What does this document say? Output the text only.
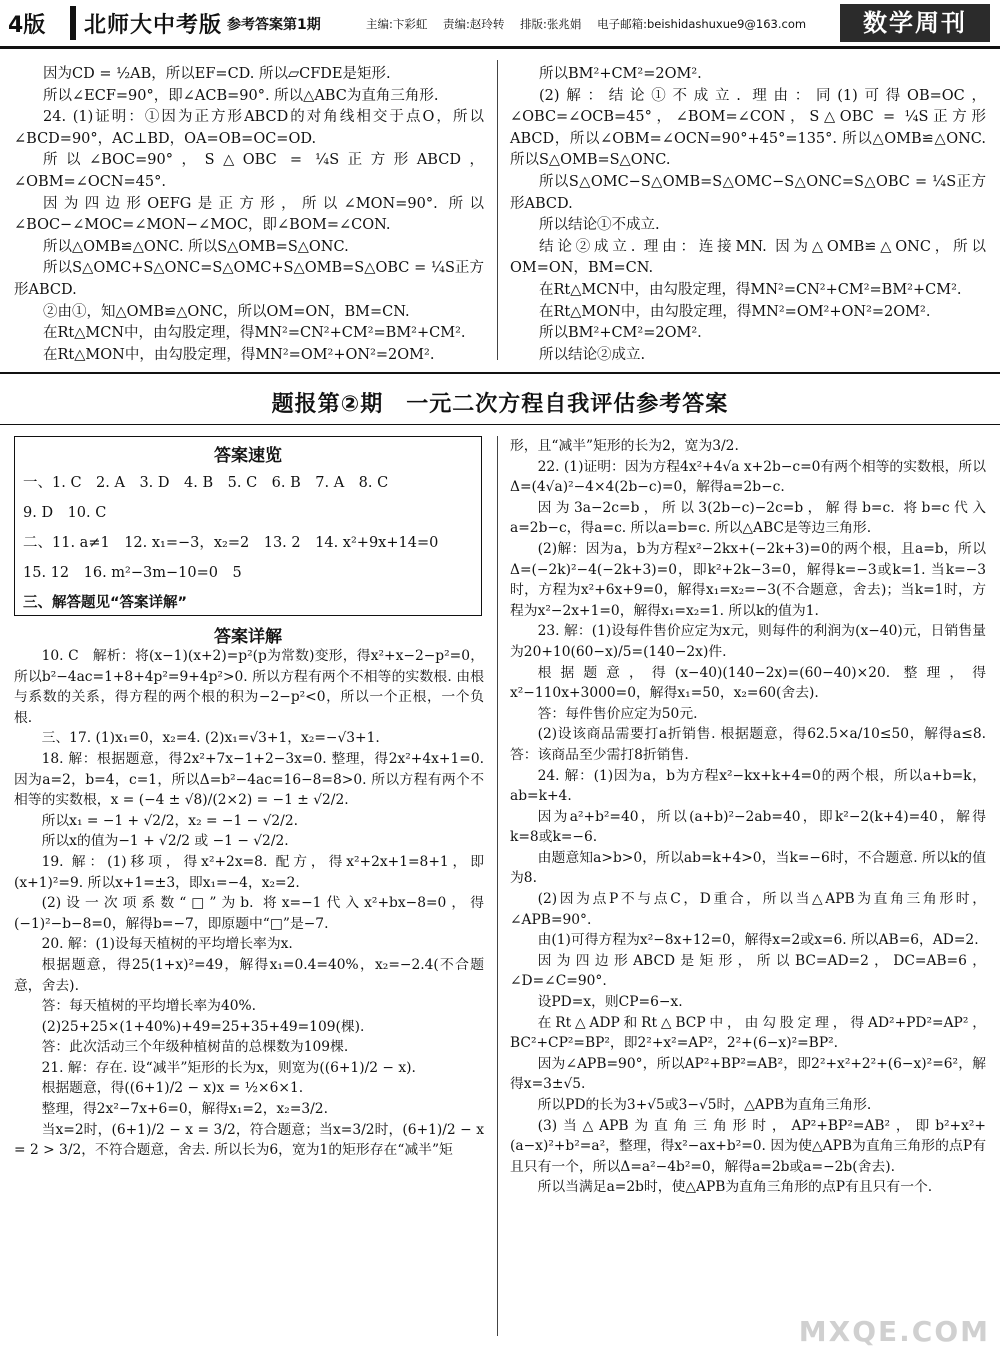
4版 北师大中考版 参考答案第1期	主编:卞彩虹 责编:赵玲转 排版:张兆娟 电子邮箱:beishidashuxue9@163.com	数学周刊

因为CD = ½AB，所以EF=CD. 所以▱CFDE是矩形.

所以∠ECF=90°，即∠ACB=90°. 所以△ABC为直角三角形.

24. (1)证明：①因为正方形ABCD的对角线相交于点O，所以∠BCD=90°，AC⊥BD，OA=OB=OC=OD.

所以∠BOC=90°，S△OBC = ¼S正方形ABCD，∠OBM=∠OCN=45°.

因为四边形OEFG是正方形，所以∠MON=90°. 所以∠BOC−∠MOC=∠MON−∠MOC，即∠BOM=∠CON.

所以△OMB≌△ONC. 所以S△OMB=S△ONC.

所以S△OMC+S△ONC=S△OMC+S△OMB=S△OBC = ¼S正方形ABCD.

②由①，知△OMB≌△ONC，所以OM=ON，BM=CN.

在Rt△MCN中，由勾股定理，得MN²=CN²+CM²=BM²+CM².

在Rt△MON中，由勾股定理，得MN²=OM²+ON²=2OM².

所以BM²+CM²=2OM².

(2)解：结论①不成立. 理由：同(1)可得OB=OC，∠OBC=∠OCB=45°，∠BOM=∠CON，S△OBC = ¼S正方形ABCD，所以∠OBM=∠OCN=90°+45°=135°. 所以△OMB≌△ONC. 所以S△OMB=S△ONC.

所以S△OMC−S△OMB=S△OMC−S△ONC=S△OBC = ¼S正方形ABCD.

所以结论①不成立.

结论②成立. 理由：连接MN. 因为△OMB≌△ONC，所以OM=ON，BM=CN.

在Rt△MCN中，由勾股定理，得MN²=CN²+CM²=BM²+CM².

在Rt△MON中，由勾股定理，得MN²=OM²+ON²=2OM².

所以BM²+CM²=2OM².

所以结论②成立.

题报第②期　一元二次方程自我评估参考答案
答案速览
一、1. C　2. A　3. D　4. B　5. C　6. B　7. A　8. C
9. D　10. C
二、11. a≠1　12. x₁=−3，x₂=2　13. 2　14. x²+9x+14=0
15. 12　16. m²−3m−10=0　5
三、解答题见“答案详解”
答案详解

10. C　解析：将(x−1)(x+2)=p²(p为常数)变形，得x²+x−2−p²=0，所以b²−4ac=1+8+4p²=9+4p²>0. 所以方程有两个不相等的实数根. 由根与系数的关系，得方程的两个根的积为−2−p²<0，所以一个正根，一个负根.

三、17. (1)x₁=0，x₂=4. (2)x₁=√3+1，x₂=−√3+1.

18. 解：根据题意，得2x²+7x−1+2−3x=0. 整理，得2x²+4x+1=0. 因为a=2，b=4，c=1，所以Δ=b²−4ac=16−8=8>0. 所以方程有两个不相等的实数根，x = (−4 ± √8)/(2×2) = −1 ± √2/2.

所以x₁ = −1 + √2/2，x₂ = −1 − √2/2.

所以x的值为−1 + √2/2 或 −1 − √2/2.

19. 解：(1)移项，得x²+2x=8. 配方，得x²+2x+1=8+1，即(x+1)²=9. 所以x+1=±3，即x₁=−4，x₂=2.

(2)设一次项系数“□”为b. 将x=−1代入x²+bx−8=0，得(−1)²−b−8=0，解得b=−7，即原题中“□”是−7.

20. 解：(1)设每天植树的平均增长率为x.

根据题意，得25(1+x)²=49，解得x₁=0.4=40%，x₂=−2.4(不合题意，舍去).

答：每天植树的平均增长率为40%.

(2)25+25×(1+40%)+49=25+35+49=109(棵).

答：此次活动三个年级种植树苗的总棵数为109棵.

21. 解：存在. 设“减半”矩形的长为x，则宽为((6+1)/2 − x).

根据题意，得((6+1)/2 − x)x = ½×6×1.

整理，得2x²−7x+6=0，解得x₁=2，x₂=3/2.

当x=2时，(6+1)/2 − x = 3/2，符合题意；当x=3/2时，(6+1)/2 − x = 2 > 3/2，不符合题意，舍去. 所以长为6，宽为1的矩形存在“减半”矩

形，且“减半”矩形的长为2，宽为3/2.

22. (1)证明：因为方程4x²+4√a x+2b−c=0有两个相等的实数根，所以Δ=(4√a)²−4×4(2b−c)=0，解得a=2b−c.

因为3a−2c=b，所以3(2b−c)−2c=b，解得b=c. 将b=c代入a=2b−c，得a=c. 所以a=b=c. 所以△ABC是等边三角形.

(2)解：因为a，b为方程x²−2kx+(−2k+3)=0的两个根，且a=b，所以Δ=(−2k)²−4(−2k+3)=0，即k²+2k−3=0，解得k=−3或k=1. 当k=−3时，方程为x²+6x+9=0，解得x₁=x₂=−3(不合题意，舍去)；当k=1时，方程为x²−2x+1=0，解得x₁=x₂=1. 所以k的值为1.

23. 解：(1)设每件售价应定为x元，则每件的利润为(x−40)元，日销售量为20+10(60−x)/5=(140−2x)件.

根据题意，得(x−40)(140−2x)=(60−40)×20. 整理，得x²−110x+3000=0，解得x₁=50，x₂=60(舍去).

答：每件售价应定为50元.

(2)设该商品需要打a折销售. 根据题意，得62.5×a/10≤50，解得a≤8. 答：该商品至少需打8折销售.

24. 解：(1)因为a，b为方程x²−kx+k+4=0的两个根，所以a+b=k，ab=k+4.

因为a²+b²=40，所以(a+b)²−2ab=40，即k²−2(k+4)=40，解得k=8或k=−6.

由题意知a>b>0，所以ab=k+4>0，当k=−6时，不合题意. 所以k的值为8.

(2)因为点P不与点C，D重合，所以当△APB为直角三角形时，∠APB=90°.

由(1)可得方程为x²−8x+12=0，解得x=2或x=6. 所以AB=6，AD=2.

因为四边形ABCD是矩形，所以BC=AD=2，DC=AB=6，∠D=∠C=90°.

设PD=x，则CP=6−x.

在Rt△ADP和Rt△BCP中，由勾股定理，得AD²+PD²=AP²，BC²+CP²=BP²，即2²+x²=AP²，2²+(6−x)²=BP².

因为∠APB=90°，所以AP²+BP²=AB²，即2²+x²+2²+(6−x)²=6²，解得x=3±√5.

所以PD的长为3+√5或3−√5时，△APB为直角三角形.

(3)当△APB为直角三角形时，AP²+BP²=AB²，即b²+x²+(a−x)²+b²=a²，整理，得x²−ax+b²=0. 因为使△APB为直角三角形的点P有且只有一个，所以Δ=a²−4b²=0，解得a=2b或a=−2b(舍去).

所以当满足a=2b时，使△APB为直角三角形的点P有且只有一个.

MXQE.COM
